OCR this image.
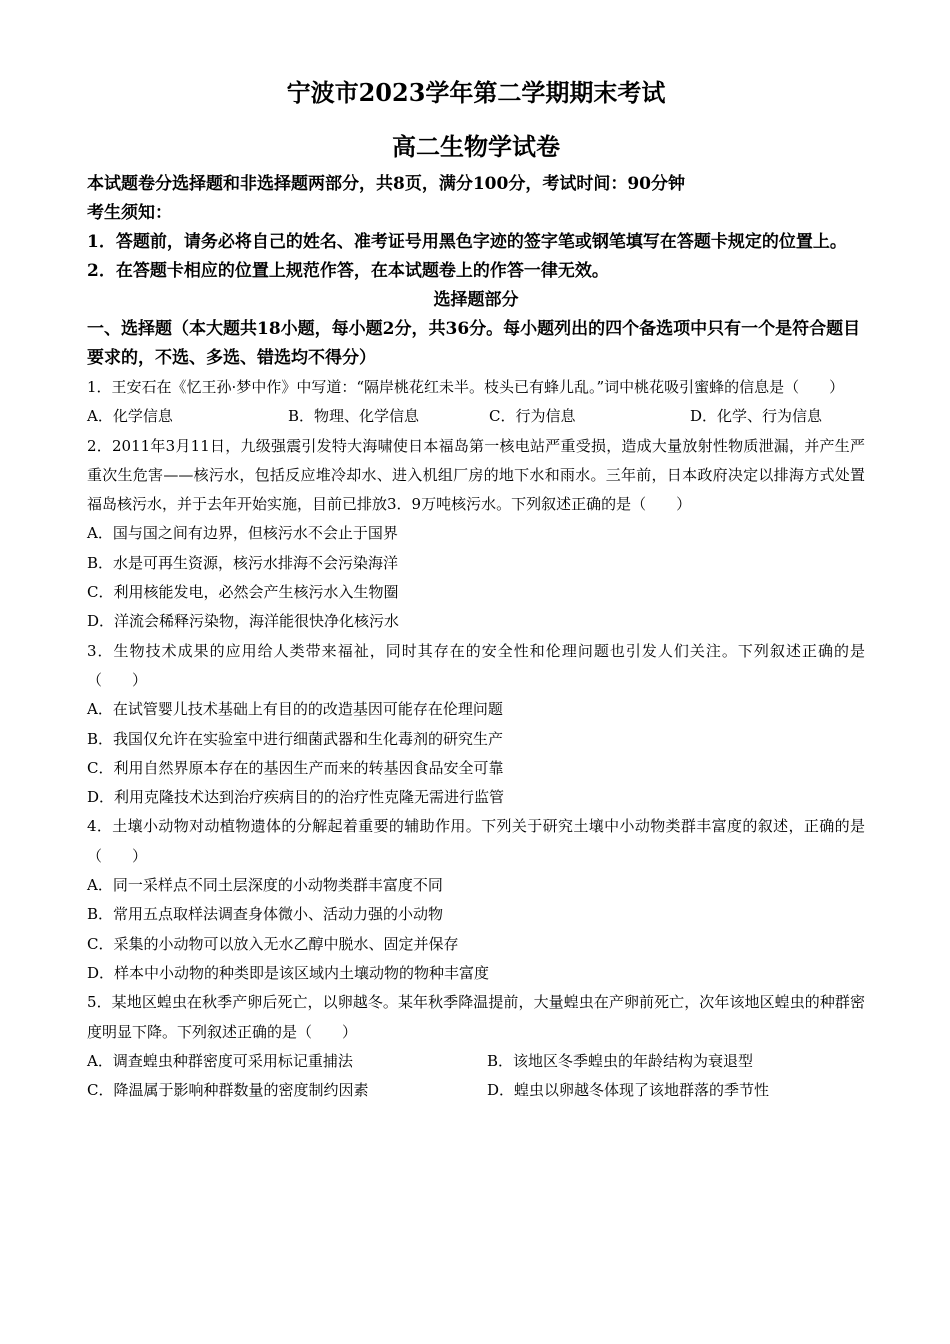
宁波市2023学年第二学期期末考试
高二生物学试卷

本试题卷分选择题和非选择题两部分，共8页，满分100分，考试时间：90分钟

考生须知：

1．答题前，请务必将自己的姓名、准考证号用黑色字迹的签字笔或钢笔填写在答题卡规定的位置上。

2．在答题卡相应的位置上规范作答，在本试题卷上的作答一律无效。

选择题部分

一、选择题（本大题共18小题，每小题2分，共36分。每小题列出的四个备选项中只有一个是符合题目要求的，不选、多选、错选均不得分）

1．王安石在《忆王孙·梦中作》中写道：“隔岸桃花红未半。枝头已有蜂儿乱。”词中桃花吸引蜜蜂的信息是（　　）

A．化学信息	B．物理、化学信息	C．行为信息	D．化学、行为信息

2．2011年3月11日，九级强震引发特大海啸使日本福岛第一核电站严重受损，造成大量放射性物质泄漏，并产生严重次生危害——核污水，包括反应堆冷却水、进入机组厂房的地下水和雨水。三年前，日本政府决定以排海方式处置福岛核污水，并于去年开始实施，目前已排放3．9万吨核污水。下列叙述正确的是（　　）

A．国与国之间有边界，但核污水不会止于国界

B．水是可再生资源，核污水排海不会污染海洋

C．利用核能发电，必然会产生核污水入生物圈

D．洋流会稀释污染物，海洋能很快净化核污水

3．生物技术成果的应用给人类带来福祉，同时其存在的安全性和伦理问题也引发人们关注。下列叙述正确的是（　　）

A．在试管婴儿技术基础上有目的的改造基因可能存在伦理问题

B．我国仅允许在实验室中进行细菌武器和生化毒剂的研究生产

C．利用自然界原本存在的基因生产而来的转基因食品安全可靠

D．利用克隆技术达到治疗疾病目的的治疗性克隆无需进行监管

4．土壤小动物对动植物遗体的分解起着重要的辅助作用。下列关于研究土壤中小动物类群丰富度的叙述，正确的是（　　）

A．同一采样点不同土层深度的小动物类群丰富度不同

B．常用五点取样法调查身体微小、活动力强的小动物

C．采集的小动物可以放入无水乙醇中脱水、固定并保存

D．样本中小动物的种类即是该区域内土壤动物的物种丰富度

5．某地区蝗虫在秋季产卵后死亡，以卵越冬。某年秋季降温提前，大量蝗虫在产卵前死亡，次年该地区蝗虫的种群密度明显下降。下列叙述正确的是（　　）

A．调查蝗虫种群密度可采用标记重捕法	B．该地区冬季蝗虫的年龄结构为衰退型
C．降温属于影响种群数量的密度制约因素	D．蝗虫以卵越冬体现了该地群落的季节性
